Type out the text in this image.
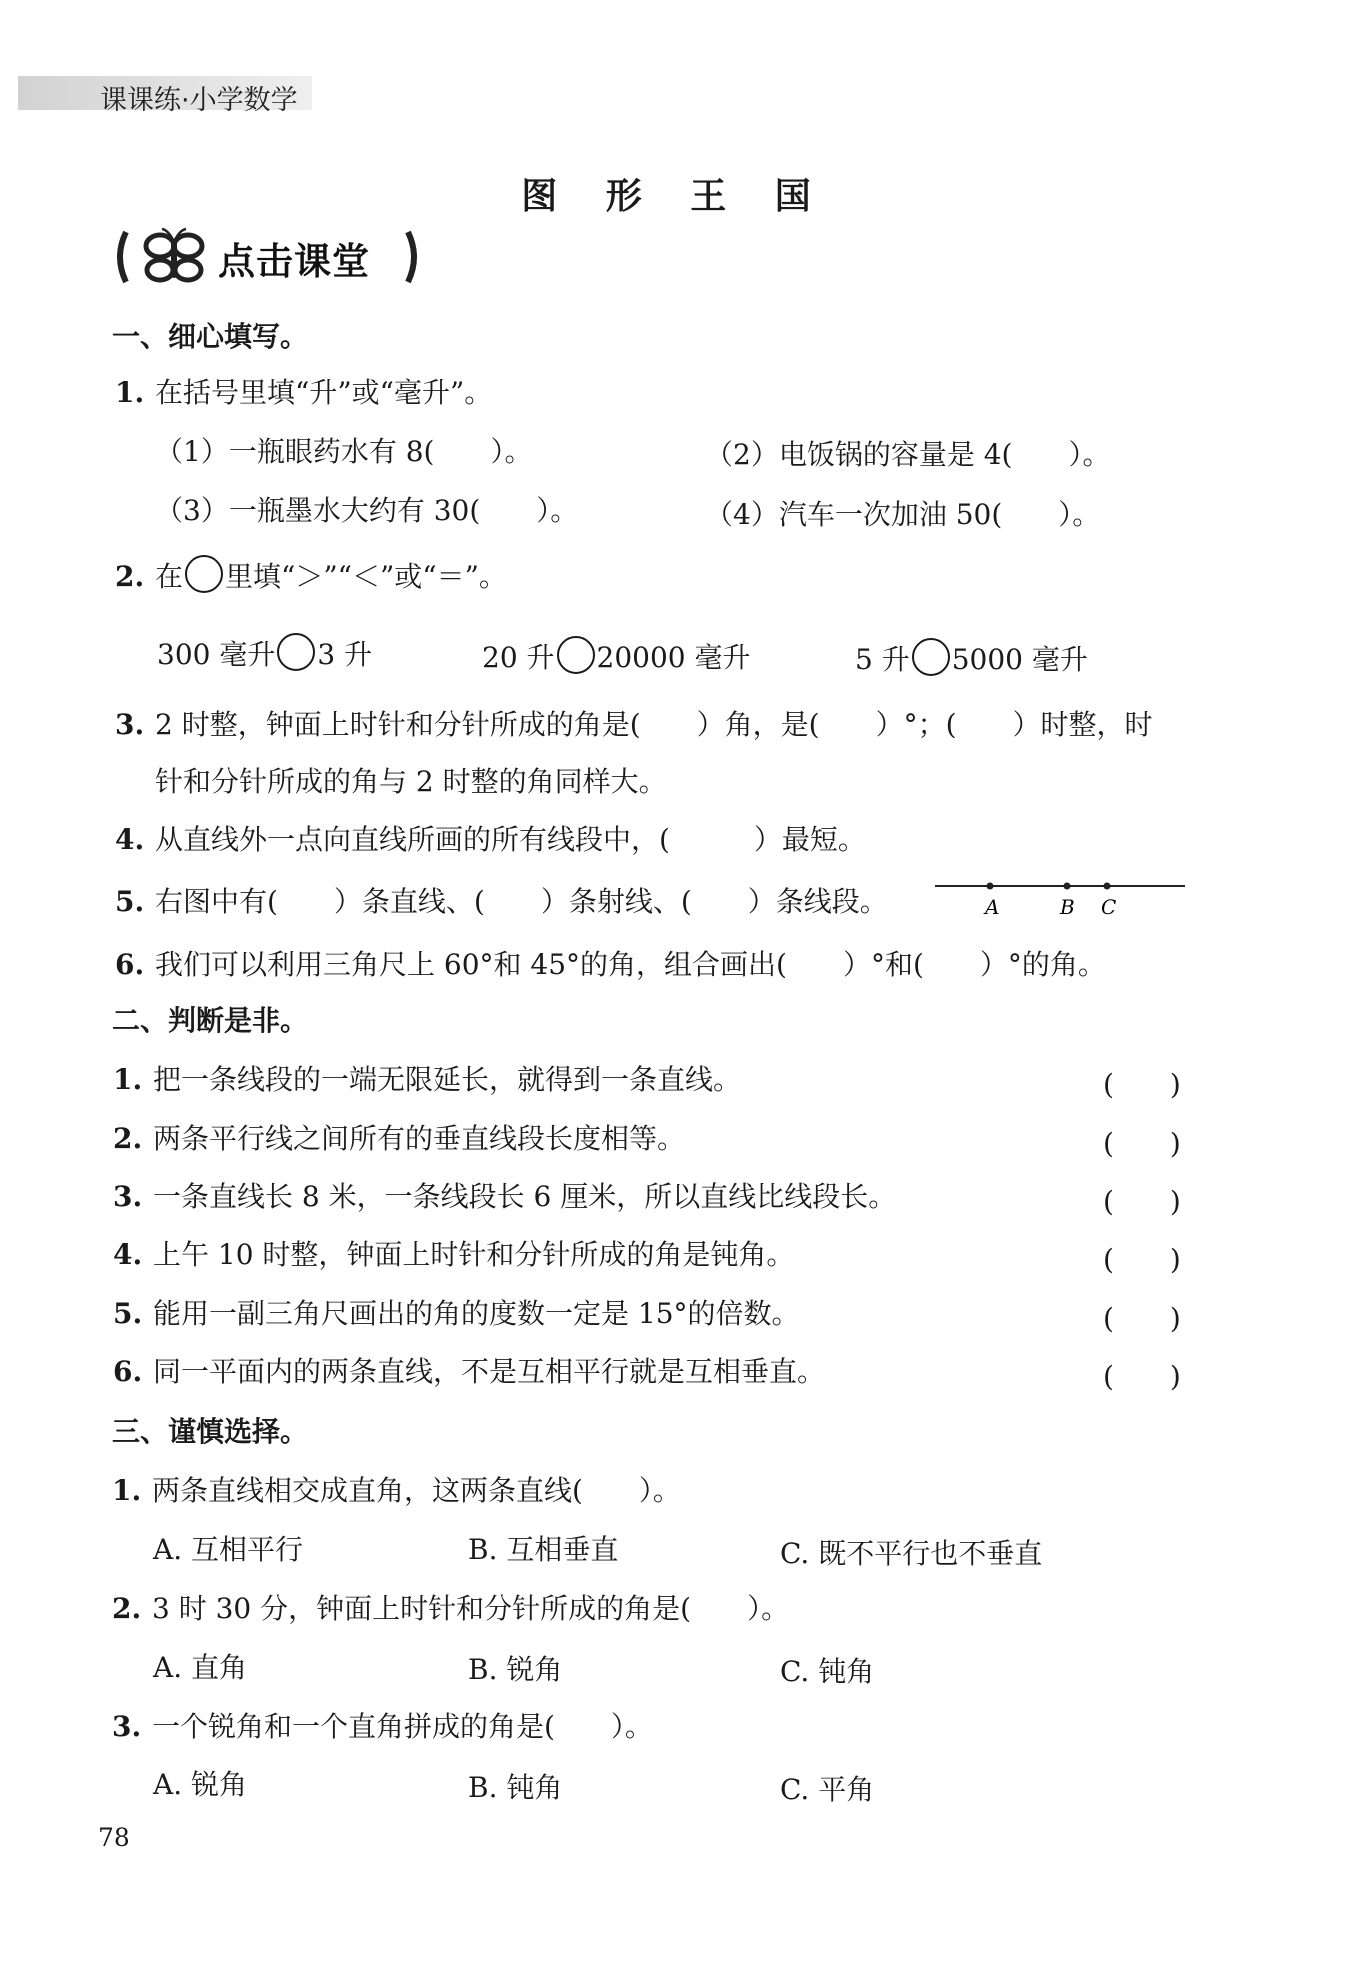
课课练·小学数学
图 形 王 国
点击课堂
一、细心填写。
1. 在括号里填“升”或“毫升”。
（1）一瓶眼药水有 8(　　）。	（2）电饭锅的容量是 4(　　）。
（3）一瓶墨水大约有 30(　　）。	（4）汽车一次加油 50(　　）。
2. 在 里填“＞”“＜”或“＝”。
300 毫升 3 升	20 升 20000 毫升	5 升 5000 毫升
3. 2 时整，钟面上时针和分针所成的角是(　　）角，是(　　）°；(　　）时整，时
针和分针所成的角与 2 时整的角同样大。
4. 从直线外一点向直线所画的所有线段中，(　　　）最短。
5. 右图中有(　　）条直线、(　　）条射线、(　　）条线段。	A	B C
6. 我们可以利用三角尺上 60°和 45°的角，组合画出(　　）°和(　　）°的角。
二、判断是非。
1. 把一条线段的一端无限延长，就得到一条直线。	(　　)
2. 两条平行线之间所有的垂直线段长度相等。	(　　)
3. 一条直线长 8 米，一条线段长 6 厘米，所以直线比线段长。	(　　)
4. 上午 10 时整，钟面上时针和分针所成的角是钝角。	(　　)
5. 能用一副三角尺画出的角的度数一定是 15°的倍数。	(　　)
6. 同一平面内的两条直线，不是互相平行就是互相垂直。	(　　)
三、谨慎选择。
1. 两条直线相交成直角，这两条直线(　　）。
A. 互相平行	B. 互相垂直	C. 既不平行也不垂直
2. 3 时 30 分，钟面上时针和分针所成的角是(　　）。
A. 直角	B. 锐角	C. 钝角
3. 一个锐角和一个直角拼成的角是(　　）。
A. 锐角	B. 钝角	C. 平角
78
